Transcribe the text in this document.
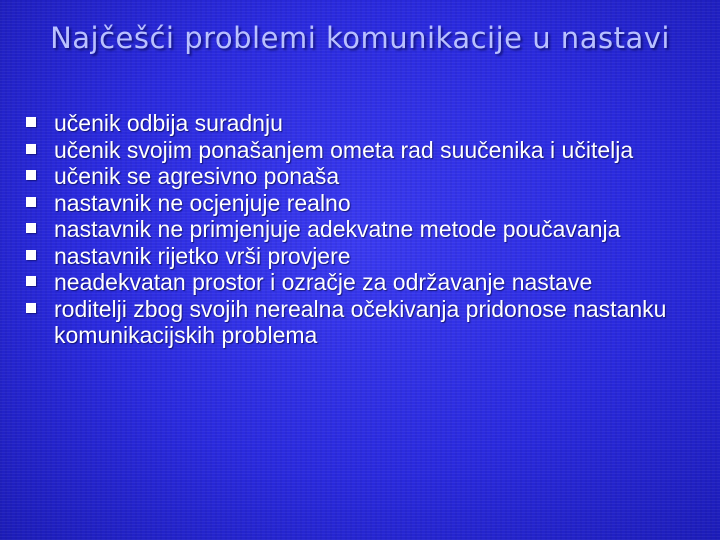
Najčešći problemi komunikacije u nastavi
učenik odbija suradnju
učenik svojim ponašanjem ometa rad suučenika i učitelja
učenik se agresivno ponaša
nastavnik ne ocjenjuje realno
nastavnik ne primjenjuje adekvatne metode poučavanja
nastavnik rijetko vrši provjere
neadekvatan prostor i ozračje za održavanje nastave
roditelji zbog svojih nerealna očekivanja pridonose nastanku komunikacijskih problema
